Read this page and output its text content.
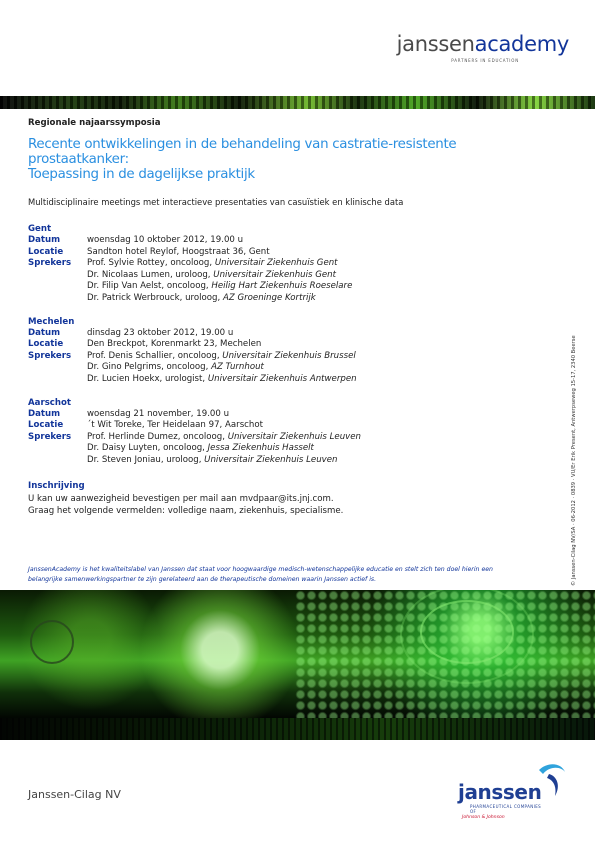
janssenacademy
PARTNERS IN EDUCATION
Regionale najaarssymposia
Recente ontwikkelingen in de behandeling van castratie-resistente prostaatkanker:
Toepassing in de dagelijkse praktijk
Multidisciplinaire meetings met interactieve presentaties van casuïstiek en klinische data
Gent
Datum	woensdag 10 oktober 2012, 19.00 u
Locatie	Sandton hotel Reylof, Hoogstraat 36, Gent
Sprekers	Prof. Sylvie Rottey, oncoloog, Universitair Ziekenhuis Gent
Dr. Nicolaas Lumen, uroloog, Universitair Ziekenhuis Gent
Dr. Filip Van Aelst, oncoloog, Heilig Hart Ziekenhuis Roeselare
Dr. Patrick Werbrouck, uroloog, AZ Groeninge Kortrijk
Mechelen
Datum	dinsdag 23 oktober 2012, 19.00 u
Locatie	Den Breckpot, Korenmarkt 23, Mechelen
Sprekers	Prof. Denis Schallier, oncoloog, Universitair Ziekenhuis Brussel
Dr. Gino Pelgrims, oncoloog, AZ Turnhout
Dr. Lucien Hoekx, urologist, Universitair Ziekenhuis Antwerpen
Aarschot
Datum	woensdag 21 november, 19.00 u
Locatie	´t Wit Toreke, Ter Heidelaan 97, Aarschot
Sprekers	Prof. Herlinde Dumez, oncoloog, Universitair Ziekenhuis Leuven
Dr. Daisy Luyten, oncoloog, Jessa Ziekenhuis Hasselt
Dr. Steven Joniau, uroloog, Universitair Ziekenhuis Leuven
Inschrijving
U kan uw aanwezigheid bevestigen per mail aan mvdpaar@its.jnj.com.
Graag het volgende vermelden: volledige naam, ziekenhuis, specialisme.
JanssenAcademy is het kwaliteitslabel van Janssen dat staat voor hoogwaardige medisch-wetenschappelijke educatie en stelt zich ten doel hierin een
belangrijke samenwerkingspartner te zijn gerelateerd aan de therapeutische domeinen waarin Janssen actief is.	© Janssen-Cilag NV/SA · 06-2012 · 0839 · VU/Er Erik Present, Antwerpseweg 15-17, 2340 Beerse
Janssen-Cilag NV	janssen
PHARMACEUTICAL COMPANIES
OF
Johnson & Johnson
